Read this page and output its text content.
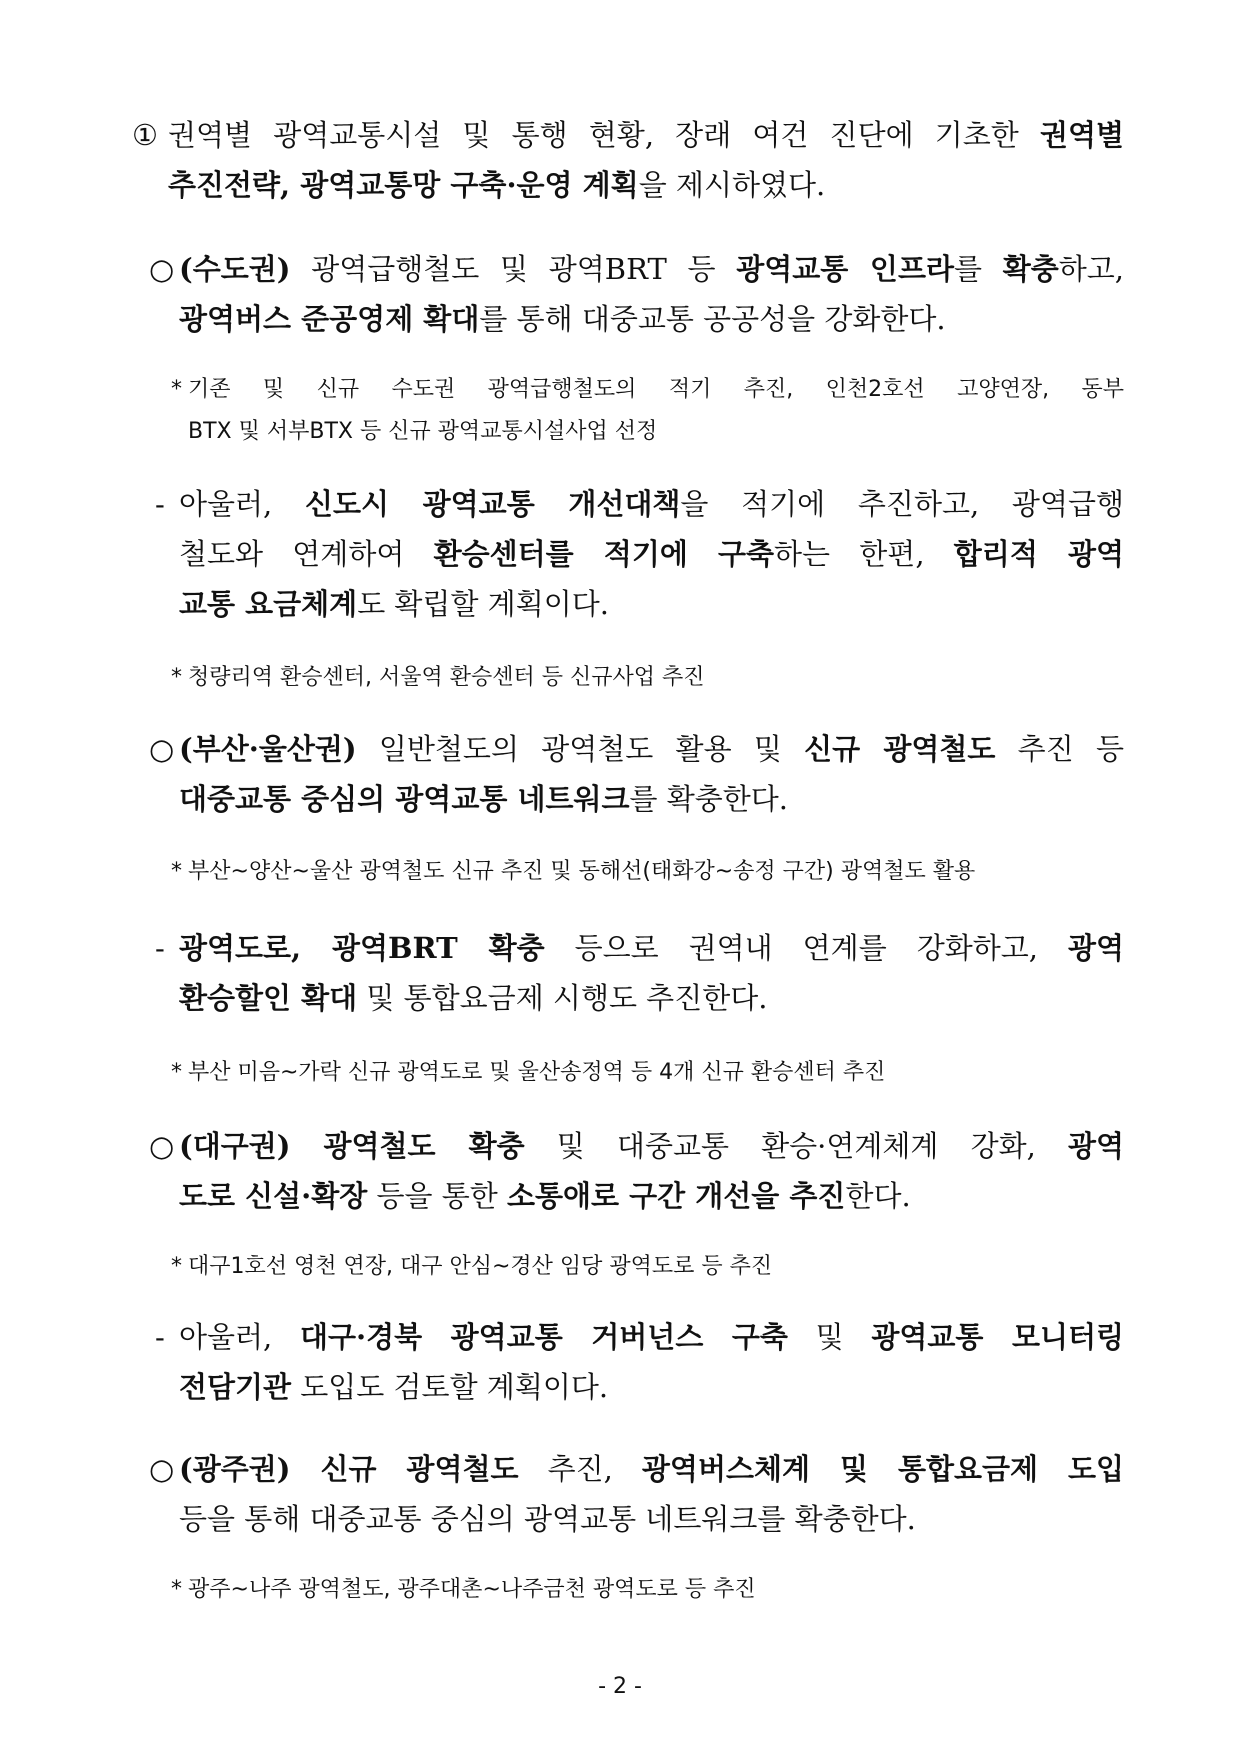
① 권역별 광역교통시설 및 통행 현황, 장래 여건 진단에 기초한 권역별
추진전략, 광역교통망 구축·운영 계획을 제시하였다.
○ (수도권) 광역급행철도 및 광역BRT 등 광역교통 인프라를 확충하고,
광역버스 준공영제 확대를 통해 대중교통 공공성을 강화한다.
* 기존 및 신규 수도권 광역급행철도의 적기 추진, 인천2호선 고양연장, 동부
BTX 및 서부BTX 등 신규 광역교통시설사업 선정
- 아울러, 신도시 광역교통 개선대책을 적기에 추진하고, 광역급행
철도와 연계하여 환승센터를 적기에 구축하는 한편, 합리적 광역
교통 요금체계도 확립할 계획이다.
* 청량리역 환승센터, 서울역 환승센터 등 신규사업 추진
○ (부산·울산권) 일반철도의 광역철도 활용 및 신규 광역철도 추진 등
대중교통 중심의 광역교통 네트워크를 확충한다.
* 부산~양산~울산 광역철도 신규 추진 및 동해선(태화강~송정 구간) 광역철도 활용
- 광역도로, 광역BRT 확충 등으로 권역내 연계를 강화하고, 광역
환승할인 확대 및 통합요금제 시행도 추진한다.
* 부산 미음~가락 신규 광역도로 및 울산송정역 등 4개 신규 환승센터 추진
○ (대구권) 광역철도 확충 및 대중교통 환승·연계체계 강화, 광역
도로 신설·확장 등을 통한 소통애로 구간 개선을 추진한다.
* 대구1호선 영천 연장, 대구 안심~경산 임당 광역도로 등 추진
- 아울러, 대구·경북 광역교통 거버넌스 구축 및 광역교통 모니터링
전담기관 도입도 검토할 계획이다.
○ (광주권) 신규 광역철도 추진, 광역버스체계 및 통합요금제 도입
등을 통해 대중교통 중심의 광역교통 네트워크를 확충한다.
* 광주~나주 광역철도, 광주대촌~나주금천 광역도로 등 추진
- 2 -
